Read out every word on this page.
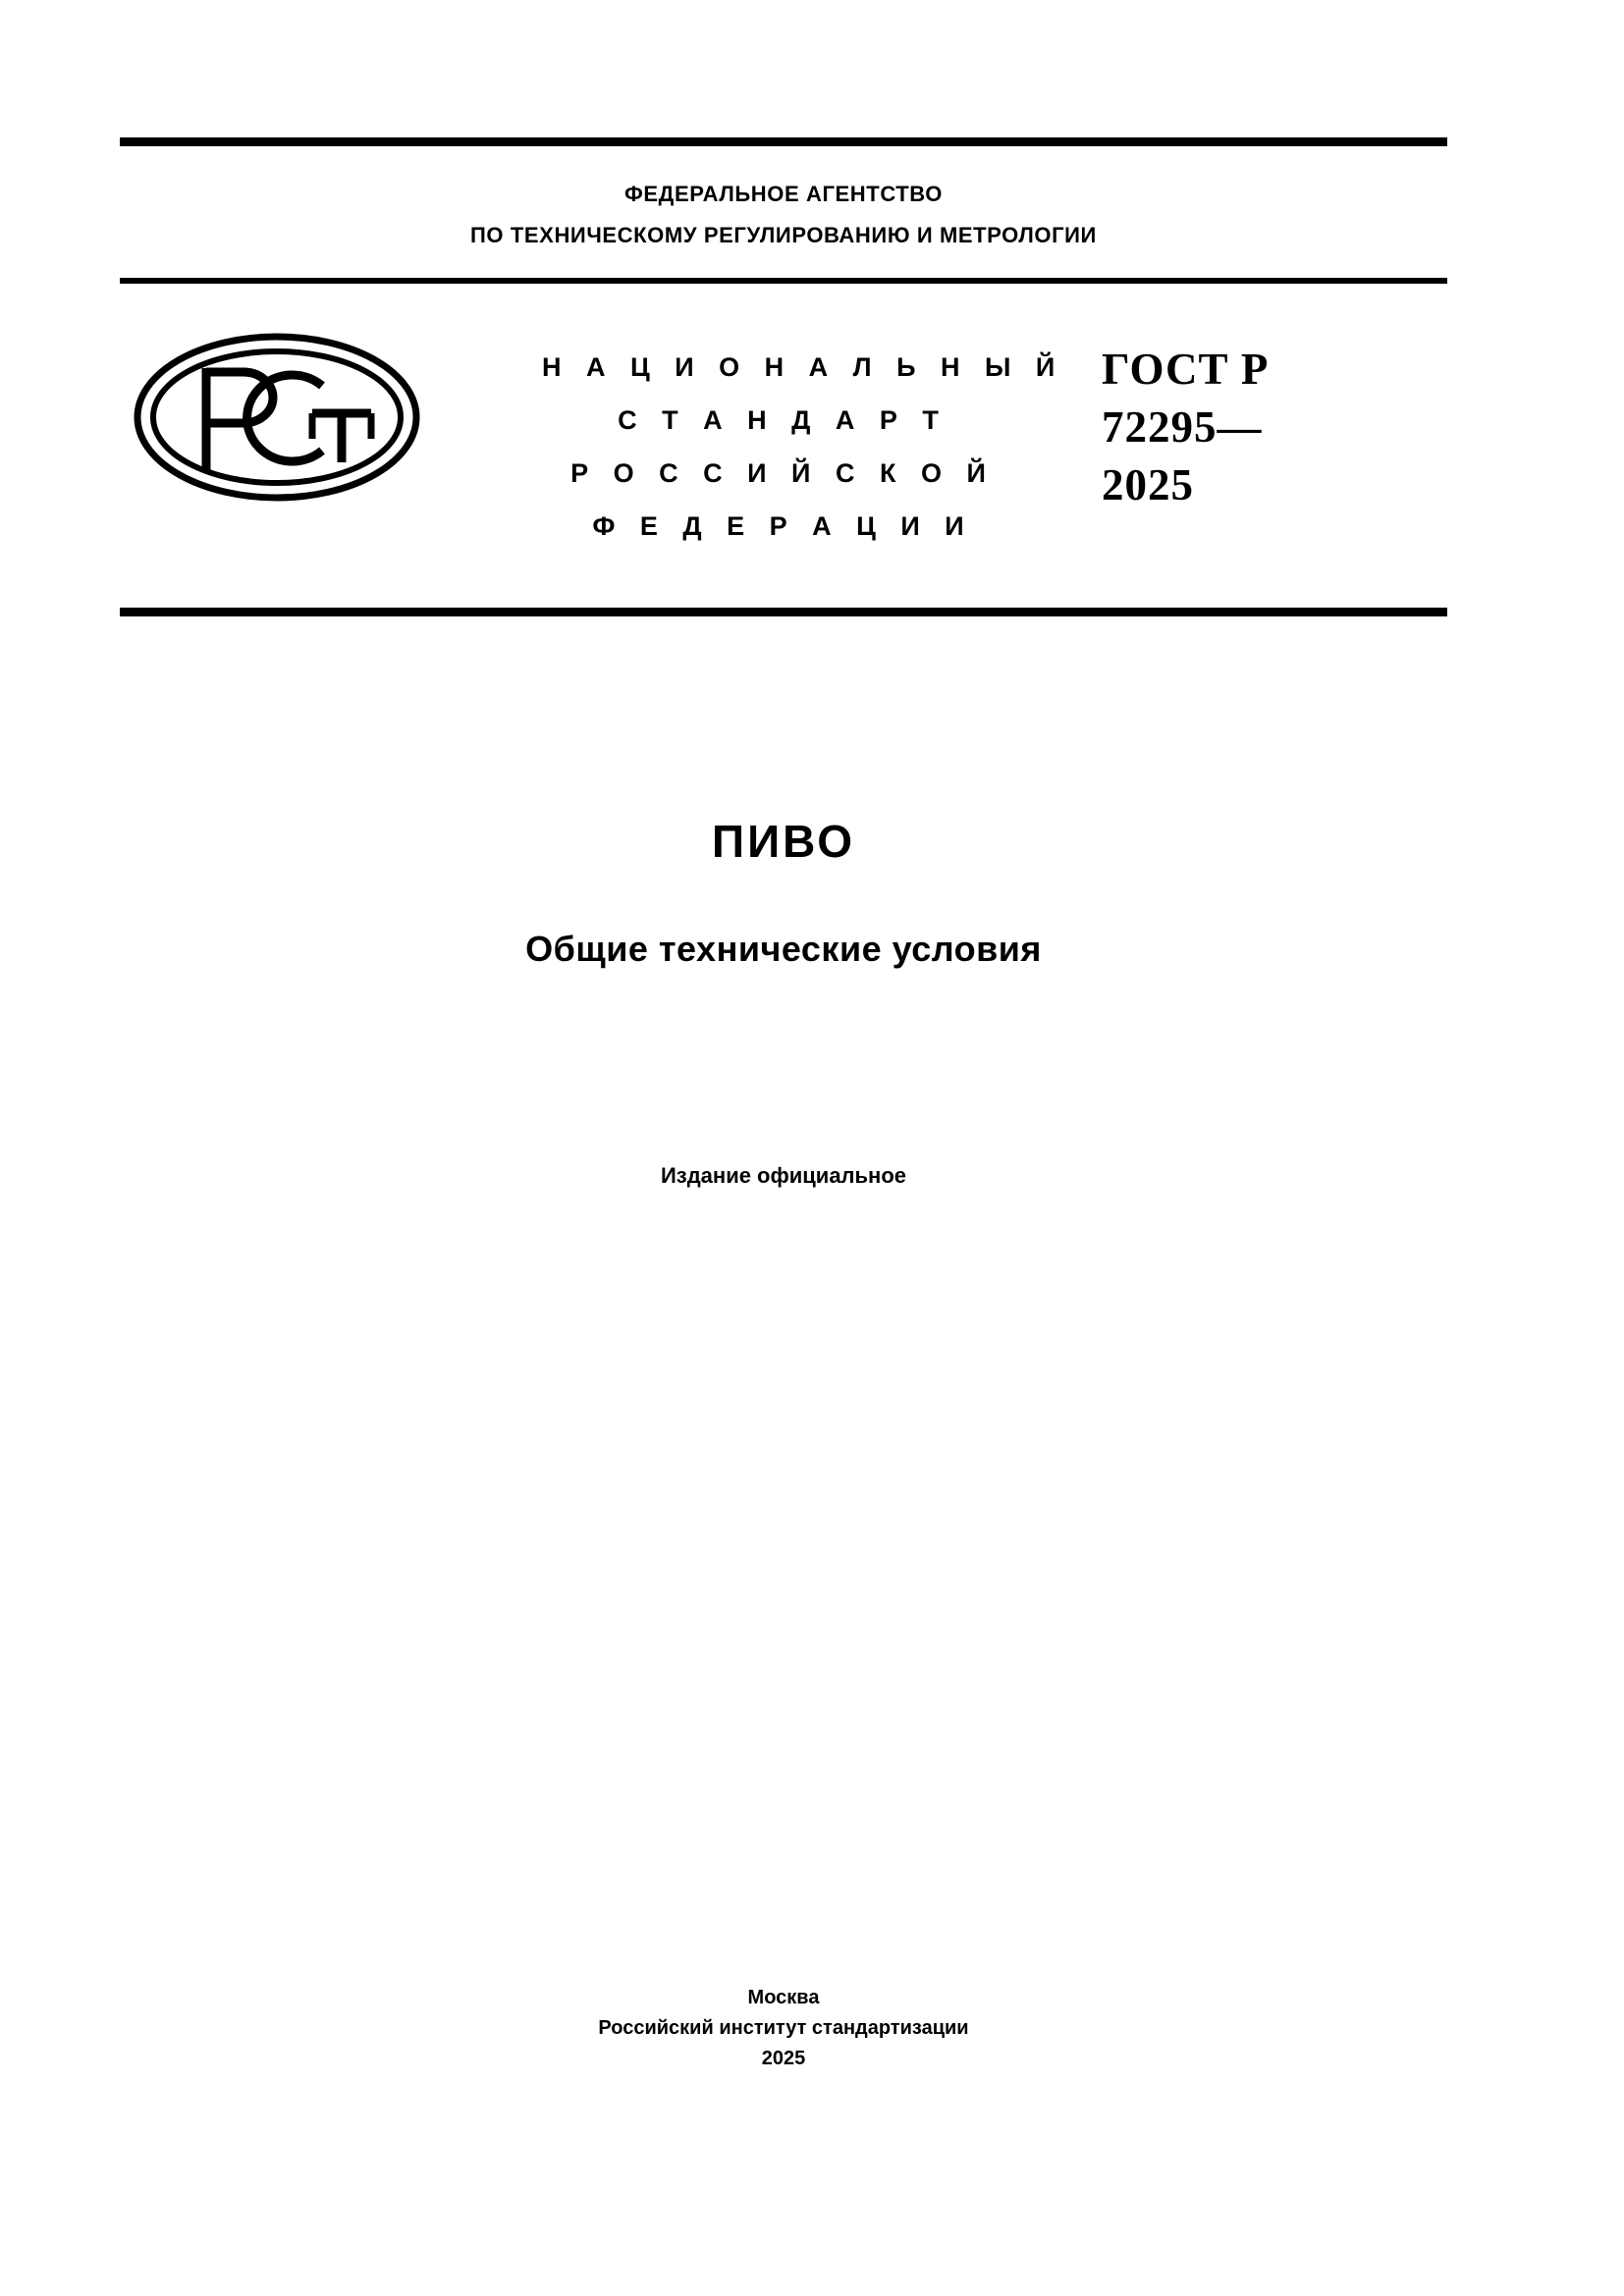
ФЕДЕРАЛЬНОЕ АГЕНТСТВО
ПО ТЕХНИЧЕСКОМУ РЕГУЛИРОВАНИЮ И МЕТРОЛОГИИ
Н А Ц И О Н А Л Ь Н Ы Й
С Т А Н Д А Р Т
Р О С С И Й С К О Й
Ф Е Д Е Р А Ц И И
ГОСТ Р
72295—
2025
ПИВО
Общие технические условия
Издание официальное
Москва
Российский институт стандартизации
2025
